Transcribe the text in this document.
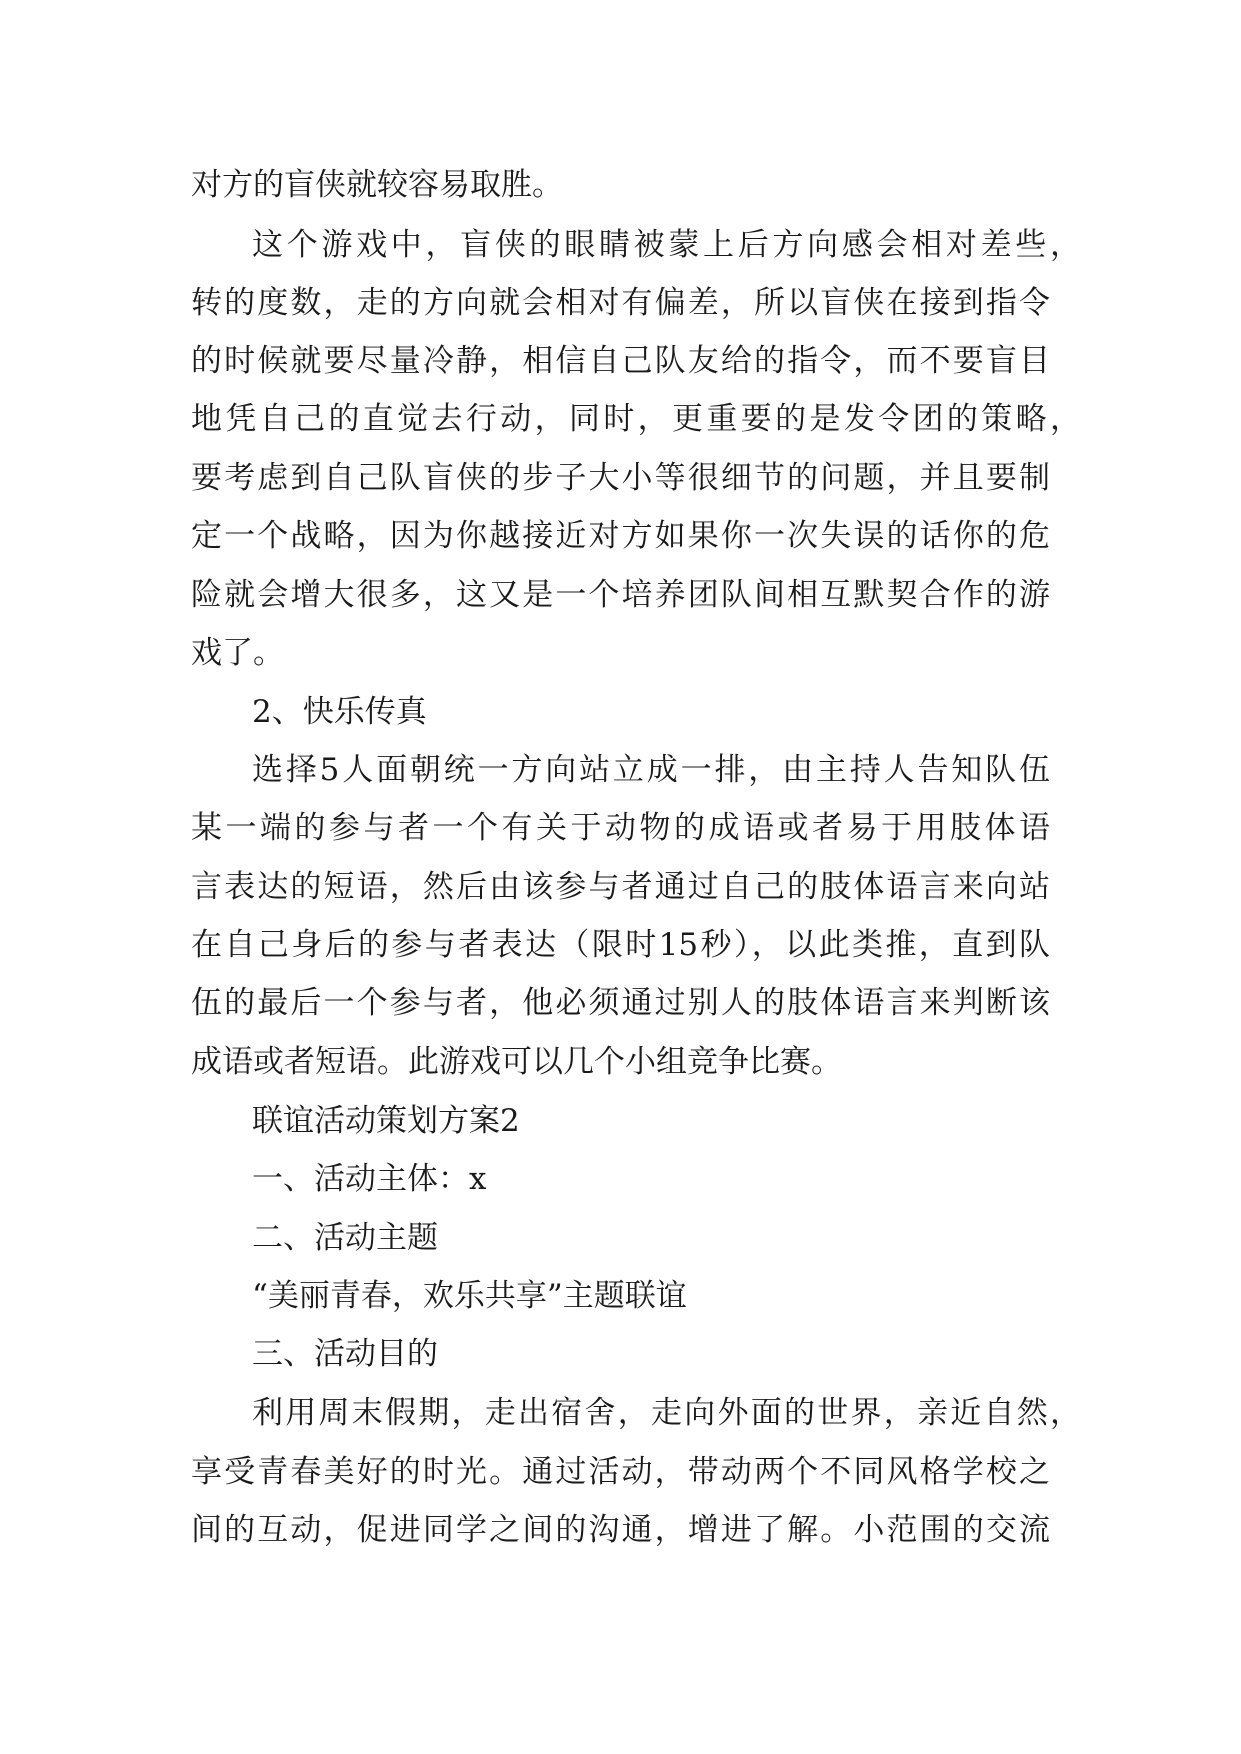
对方的盲侠就较容易取胜。

这个游戏中，盲侠的眼睛被蒙上后方向感会相对差些，

转的度数，走的方向就会相对有偏差，所以盲侠在接到指令

的时候就要尽量冷静，相信自己队友给的指令，而不要盲目

地凭自己的直觉去行动，同时，更重要的是发令团的策略，

要考虑到自己队盲侠的步子大小等很细节的问题，并且要制

定一个战略，因为你越接近对方如果你一次失误的话你的危

险就会增大很多，这又是一个培养团队间相互默契合作的游

戏了。

2、快乐传真

选择5人面朝统一方向站立成一排，由主持人告知队伍

某一端的参与者一个有关于动物的成语或者易于用肢体语

言表达的短语，然后由该参与者通过自己的肢体语言来向站

在自己身后的参与者表达（限时15秒），以此类推，直到队

伍的最后一个参与者，他必须通过别人的肢体语言来判断该

成语或者短语。此游戏可以几个小组竞争比赛。

联谊活动策划方案2

一、活动主体：x

二、活动主题

“美丽青春，欢乐共享”主题联谊

三、活动目的

利用周末假期，走出宿舍，走向外面的世界，亲近自然，

享受青春美好的时光。通过活动，带动两个不同风格学校之

间的互动，促进同学之间的沟通，增进了解。小范围的交流
